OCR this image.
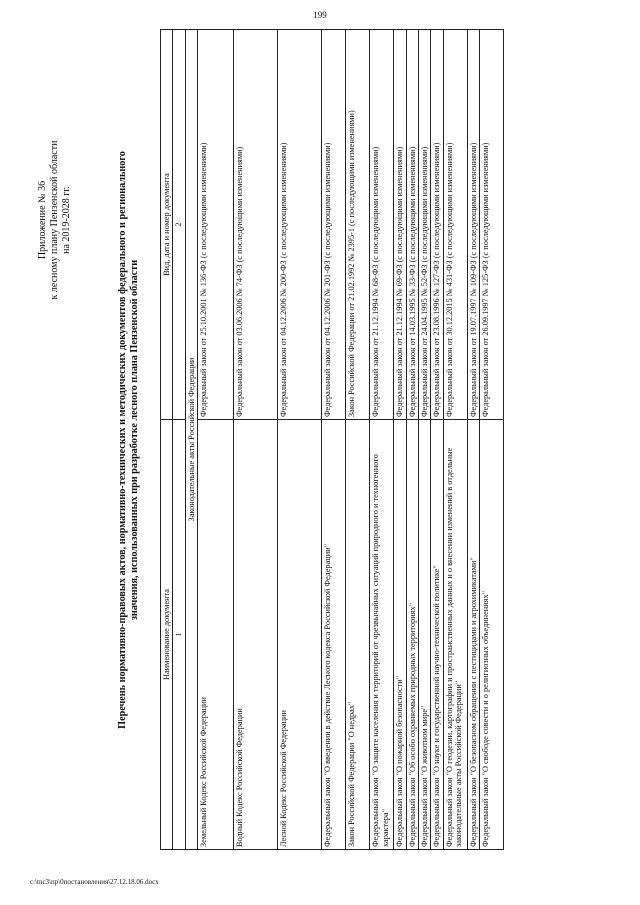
199
Приложение № 36 к лесному плану Пензенской области на 2019-2028 гг.	Перечень нормативно-правовых актов, нормативно-технических и методических документов федерального и регионального значения, использованных при разработке лесного плана Пензенской области
Наименование документа	Вид, дата и номер документа
1	2
Законодательные акты Российской Федерации	
Земельный Кодекс Российской Федерации	Федеральный закон от 25.10.2001 № 136-ФЗ (с последующими изменениями)
Водный Кодекс Российской Федерации	Федеральный закон от 03.06.2006 № 74-ФЗ (с последующими изменениями)
Лесной Кодекс Российской Федерации	Федеральный закон от 04.12.2006 № 200-ФЗ (с последующими изменениями)
Федеральный закон "О введении в действие Лесного кодекса Российской Федерации"	Федеральный закон от 04.12.2006 № 201-ФЗ (с последующими изменениями)
Закон Российской Федерации "О недрах"	Закон Российской Федерации от 21.02.1992 № 2395-1 (с последующими изменениями)
Федеральный закон "О защите населения и территорий от чрезвычайных ситуаций природного и техногенного характера"	Федеральный закон от 21.12.1994 № 68-ФЗ (с последующими изменениями)
Федеральный закон "О пожарной безопасности"	Федеральный закон от 21.12.1994 № 69-ФЗ (с последующими изменениями)
Федеральный закон "Об особо охраняемых природных территориях"	Федеральный закон от 14.03.1995 № 33-ФЗ (с последующими изменениями)
Федеральный закон "О животном мире"	Федеральный закон от 24.04.1995 № 52-ФЗ (с последующими изменениями)
Федеральный закон "О науке и государственной научно-технической политике"	Федеральный закон от 23.08.1996 № 127-ФЗ (с последующими изменениями)
Федеральный закон "О геодезии, картографии и пространственных данных и о внесении изменений в отдельные законодательные акты Российской Федерации"	Федеральный закон от 30.12.2015 № 431-ФЗ (с последующими изменениями)
Федеральный закон "О безопасном обращении с пестицидами и агрохимикатами"	Федеральный закон от 19.07.1997 № 109-ФЗ (с последующими изменениями)
Федеральный закон "О свободе совести и о религиозных объединениях"	Федеральный закон от 26.09.1997 № 125-ФЗ (с последующими изменениями)
c:\tnc3\пр\0постановления\27.12.18.06.docx
